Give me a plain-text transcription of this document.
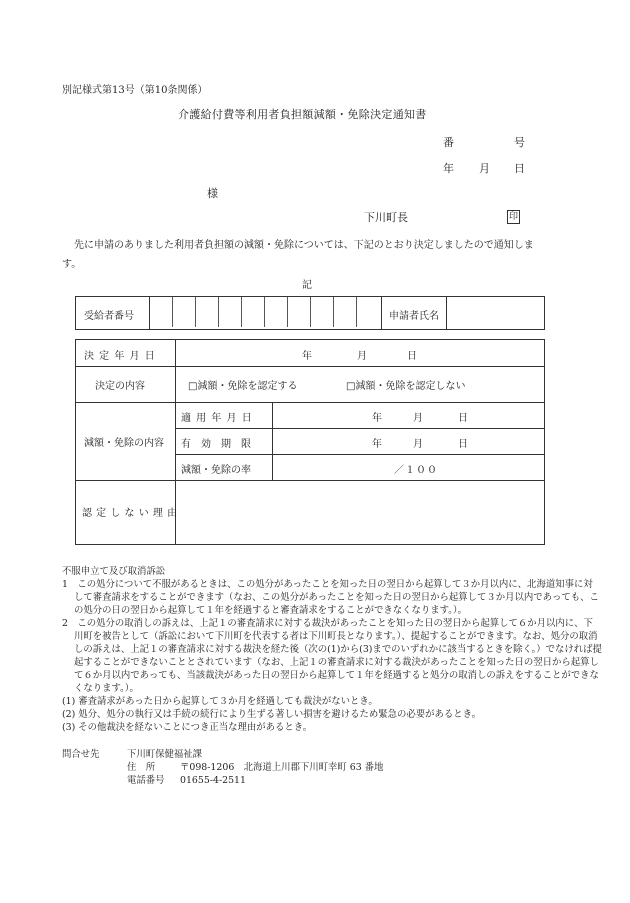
別記様式第13号（第10条関係）
介護給付費等利用者負担額減額・免除決定通知書
番	号
年 月 日
様
下川町長	印
先に申請のありました利用者負担額の減額・免除については、下記のとおり決定しましたので通知します。
記
受給者番号	申請者氏名
決 定 年 月 日	年	月	日
決定の内容	□減額・免除を認定する	□減額・免除を認定しない
減額・免除の内容
適 用 年 月 日	年	月	日
有　効　期　限	年	月	日
減額・免除の率	／１００
認 定 し な い 理 由

不服申立て及び取消訴訟

1　この処分について不服があるときは、この処分があったことを知った日の翌日から起算して３か月以内に、北海道知事に対して審査請求をすることができます（なお、この処分があったことを知った日の翌日から起算して３か月以内であっても、この処分の日の翌日から起算して１年を経過すると審査請求をすることができなくなります。）。

2　この処分の取消しの訴えは、上記１の審査請求に対する裁決があったことを知った日の翌日から起算して６か月以内に、下川町を被告として（訴訟において下川町を代表する者は下川町長となります。）、提起することができます。なお、処分の取消しの訴えは、上記１の審査請求に対する裁決を経た後（次の(1)から(3)までのいずれかに該当するときを除く。）でなければ提起することができないこととされています（なお、上記１の審査請求に対する裁決があったことを知った日の翌日から起算して６か月以内であっても、当該裁決があった日の翌日から起算して１年を経過すると処分の取消しの訴えをすることができなくなります。）。

(1) 審査請求があった日から起算して３か月を経過しても裁決がないとき。

(2) 処分、処分の執行又は手続の続行により生ずる著しい損害を避けるため緊急の必要があるとき。

(3) その他裁決を経ないことにつき正当な理由があるとき。

問合せ先	下川町保健福祉課
住　所	〒098-1206　北海道上川郡下川町幸町 63 番地
電話番号 01655-4-2511
